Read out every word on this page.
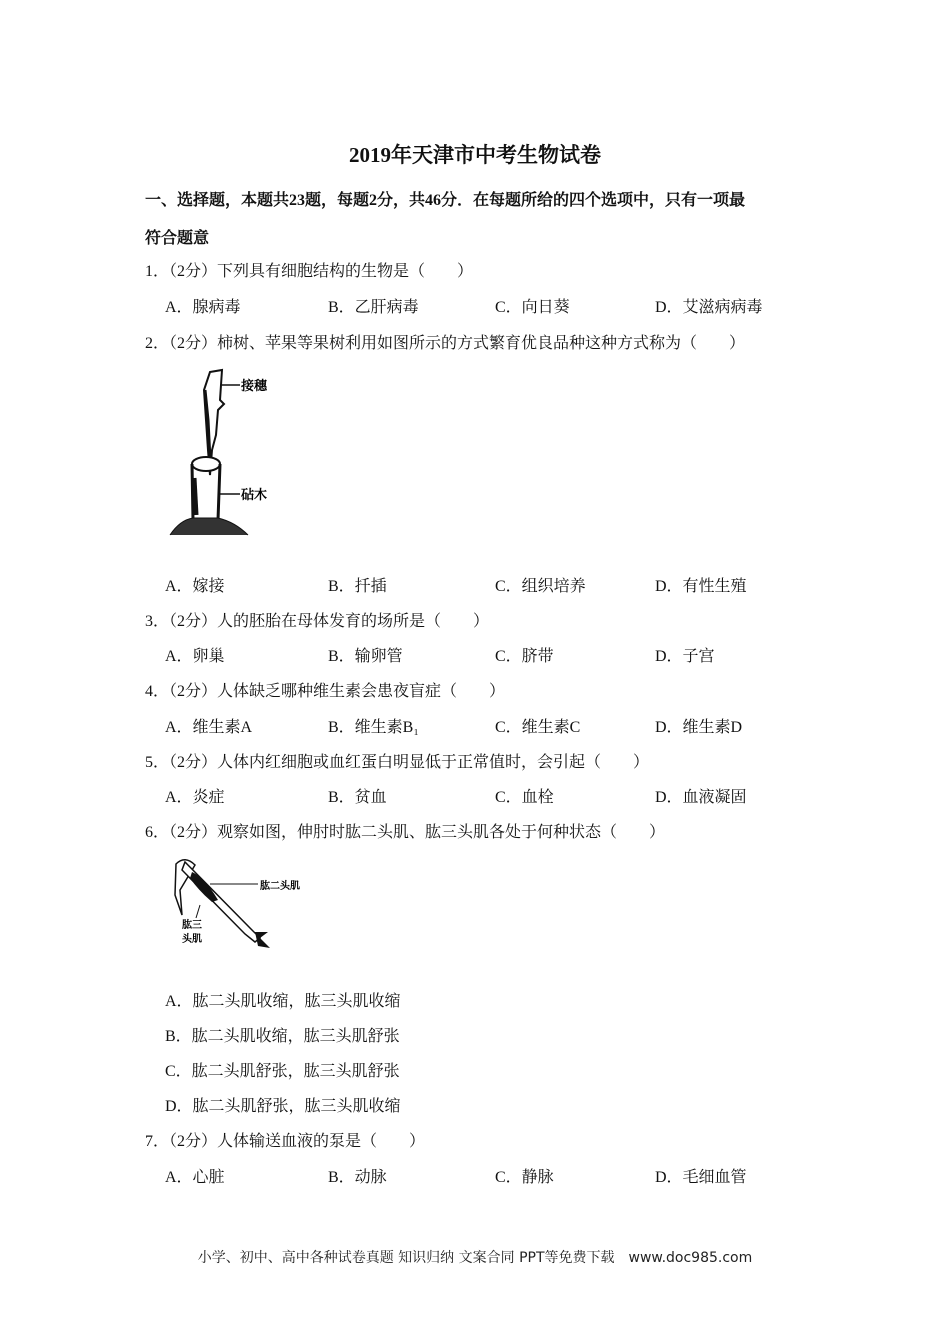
2019年天津市中考生物试卷
一、选择题，本题共23题，每题2分，共46分．在每题所给的四个选项中，只有一项最
符合题意
1．（2分）下列具有细胞结构的生物是（　　）
A．腺病毒	B．乙肝病毒	C．向日葵	D．艾滋病病毒
2．（2分）柿树、苹果等果树利用如图所示的方式繁育优良品种这种方式称为（　　）
接穗
砧木
A．嫁接	B．扦插	C．组织培养	D．有性生殖
3．（2分）人的胚胎在母体发育的场所是（　　）
A．卵巢	B．输卵管	C．脐带	D．子宫
4．（2分）人体缺乏哪种维生素会患夜盲症（　　）
A．维生素A	B．维生素B₁	C．维生素C	D．维生素D
5．（2分）人体内红细胞或血红蛋白明显低于正常值时，会引起（　　）
A．炎症	B．贫血	C．血栓	D．血液凝固
6．（2分）观察如图，伸肘时肱二头肌、肱三头肌各处于何种状态（　　）
肱二头肌
肱三
头肌
A．肱二头肌收缩，肱三头肌收缩
B．肱二头肌收缩，肱三头肌舒张
C．肱二头肌舒张，肱三头肌舒张
D．肱二头肌舒张，肱三头肌收缩
7．（2分）人体输送血液的泵是（　　）
A．心脏	B．动脉	C．静脉	D．毛细血管
小学、初中、高中各种试卷真题 知识归纳 文案合同 PPT等免费下载　www.doc985.com
